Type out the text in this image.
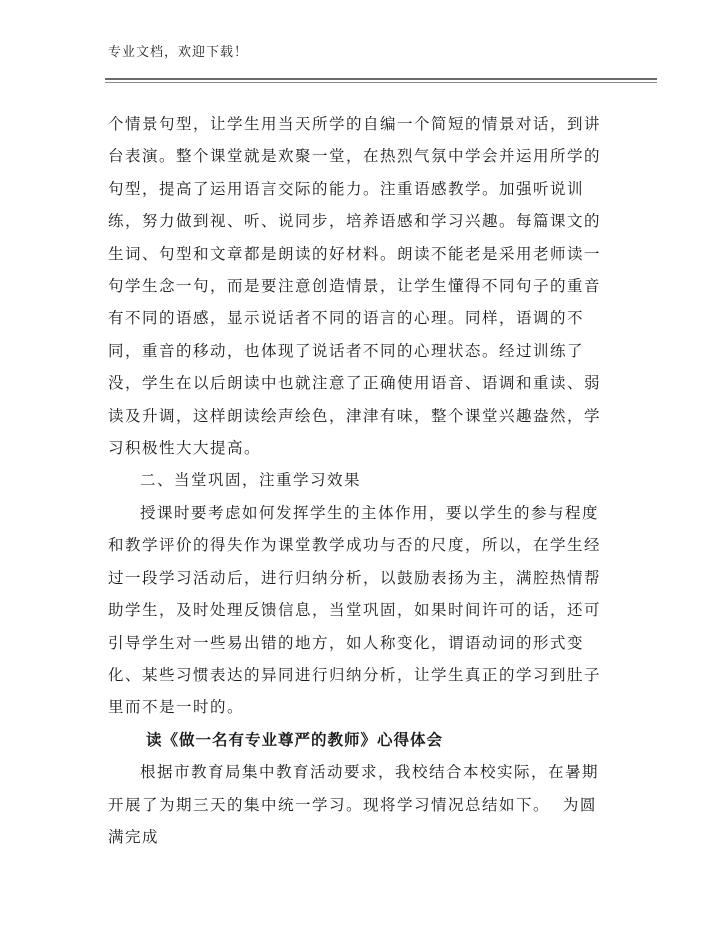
专业文档，欢迎下载！

个情景句型，让学生用当天所学的自编一个简短的情景对话，到讲台表演。整个课堂就是欢聚一堂，在热烈气氛中学会并运用所学的句型，提高了运用语言交际的能力。注重语感教学。加强听说训练，努力做到视、听、说同步，培养语感和学习兴趣。每篇课文的生词、句型和文章都是朗读的好材料。朗读不能老是采用老师读一句学生念一句，而是要注意创造情景，让学生懂得不同句子的重音有不同的语感，显示说话者不同的语言的心理。同样，语调的不同，重音的移动，也体现了说话者不同的心理状态。经过训练了没，学生在以后朗读中也就注意了正确使用语音、语调和重读、弱读及升调，这样朗读绘声绘色，津津有味，整个课堂兴趣盎然，学习积极性大大提高。

二、当堂巩固，注重学习效果

授课时要考虑如何发挥学生的主体作用，要以学生的参与程度和教学评价的得失作为课堂教学成功与否的尺度，所以，在学生经过一段学习活动后，进行归纳分析，以鼓励表扬为主，满腔热情帮助学生，及时处理反馈信息，当堂巩固，如果时间许可的话，还可引导学生对一些易出错的地方，如人称变化，谓语动词的形式变化、某些习惯表达的异同进行归纳分析，让学生真正的学习到肚子里而不是一时的。

读《做一名有专业尊严的教师》心得体会

根据市教育局集中教育活动要求，我校结合本校实际，在暑期开展了为期三天的集中统一学习。现将学习情况总结如下。  为圆满完成
